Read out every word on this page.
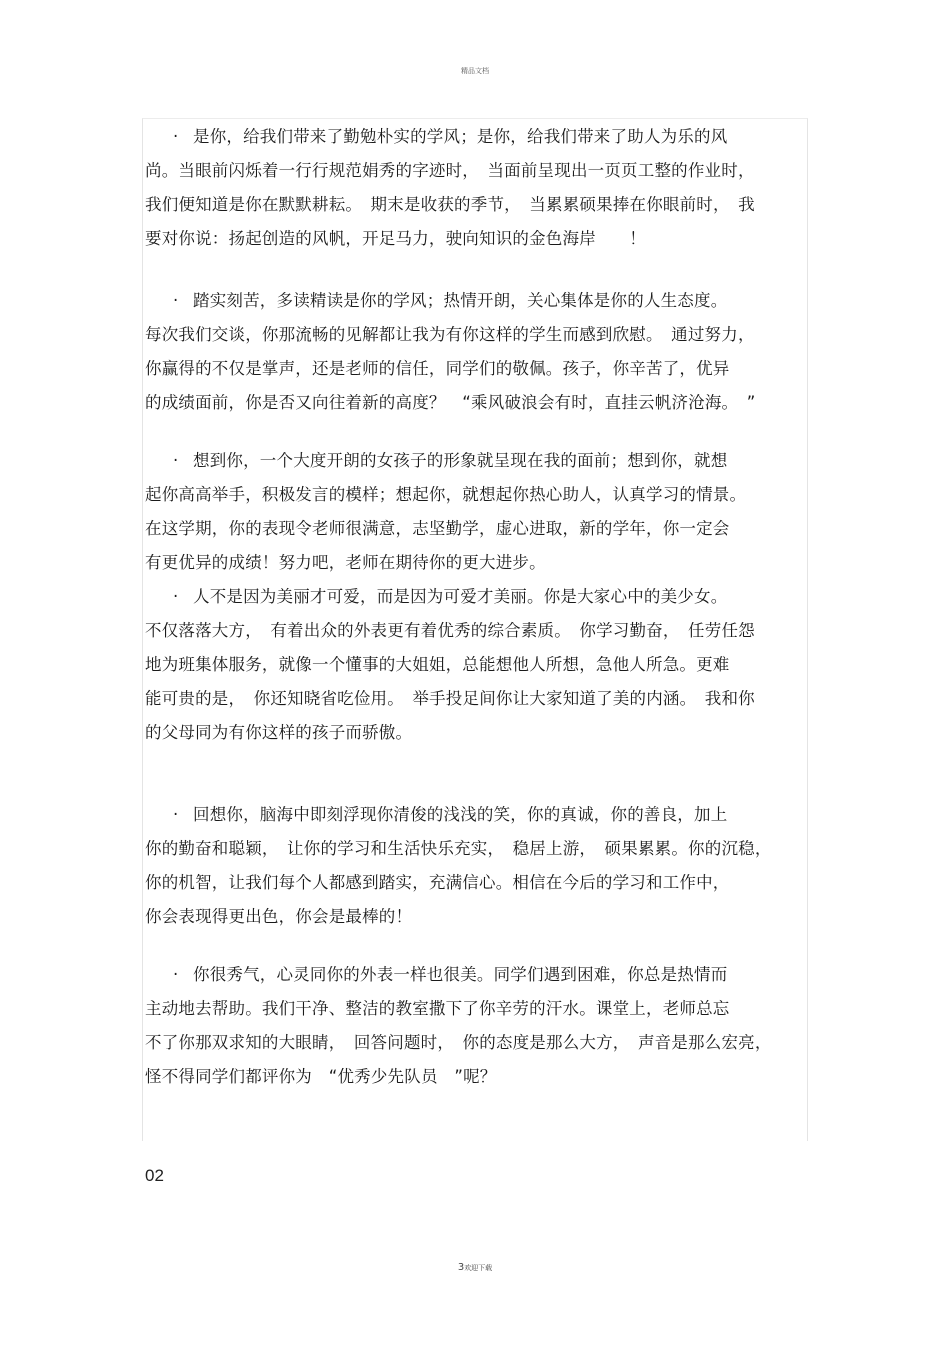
精品文档
· 是你，给我们带来了勤勉朴实的学风；是你，给我们带来了助人为乐的风
尚。当眼前闪烁着一行行规范娟秀的字迹时，　当面前呈现出一页页工整的作业时，
我们便知道是你在默默耕耘。　期末是收获的季节，　当累累硕果捧在你眼前时，　我
要对你说：扬起创造的风帆，开足马力，驶向知识的金色海岸　　！
· 踏实刻苦，多读精读是你的学风；热情开朗，关心集体是你的人生态度。
每次我们交谈，你那流畅的见解都让我为有你这样的学生而感到欣慰。　通过努力，
你赢得的不仅是掌声，还是老师的信任，同学们的敬佩。孩子，你辛苦了，优异
的成绩面前，你是否又向往着新的高度？　“乘风破浪会有时，直挂云帆济沧海。　”
· 想到你，一个大度开朗的女孩子的形象就呈现在我的面前；想到你，就想
起你高高举手，积极发言的模样；想起你，就想起你热心助人，认真学习的情景。
在这学期，你的表现令老师很满意，志坚勤学，虚心进取，新的学年，你一定会
有更优异的成绩！努力吧，老师在期待你的更大进步。
· 人不是因为美丽才可爱，而是因为可爱才美丽。你是大家心中的美少女。
不仅落落大方，　有着出众的外表更有着优秀的综合素质。　你学习勤奋，　任劳任怨
地为班集体服务，就像一个懂事的大姐姐，总能想他人所想，急他人所急。更难
能可贵的是，　你还知晓省吃俭用。　举手投足间你让大家知道了美的内涵。　我和你
的父母同为有你这样的孩子而骄傲。
· 回想你，脑海中即刻浮现你清俊的浅浅的笑，你的真诚，你的善良，加上
你的勤奋和聪颖，　让你的学习和生活快乐充实，　稳居上游，　硕果累累。你的沉稳，
你的机智，让我们每个人都感到踏实，充满信心。相信在今后的学习和工作中，
你会表现得更出色，你会是最棒的！
· 你很秀气，心灵同你的外表一样也很美。同学们遇到困难，你总是热情而
主动地去帮助。我们干净、整洁的教室撒下了你辛劳的汗水。课堂上，老师总忘
不了你那双求知的大眼睛，　回答问题时，　你的态度是那么大方，　声音是那么宏亮，
怪不得同学们都评你为　“优秀少先队员　”呢？
02
3欢迎下载
